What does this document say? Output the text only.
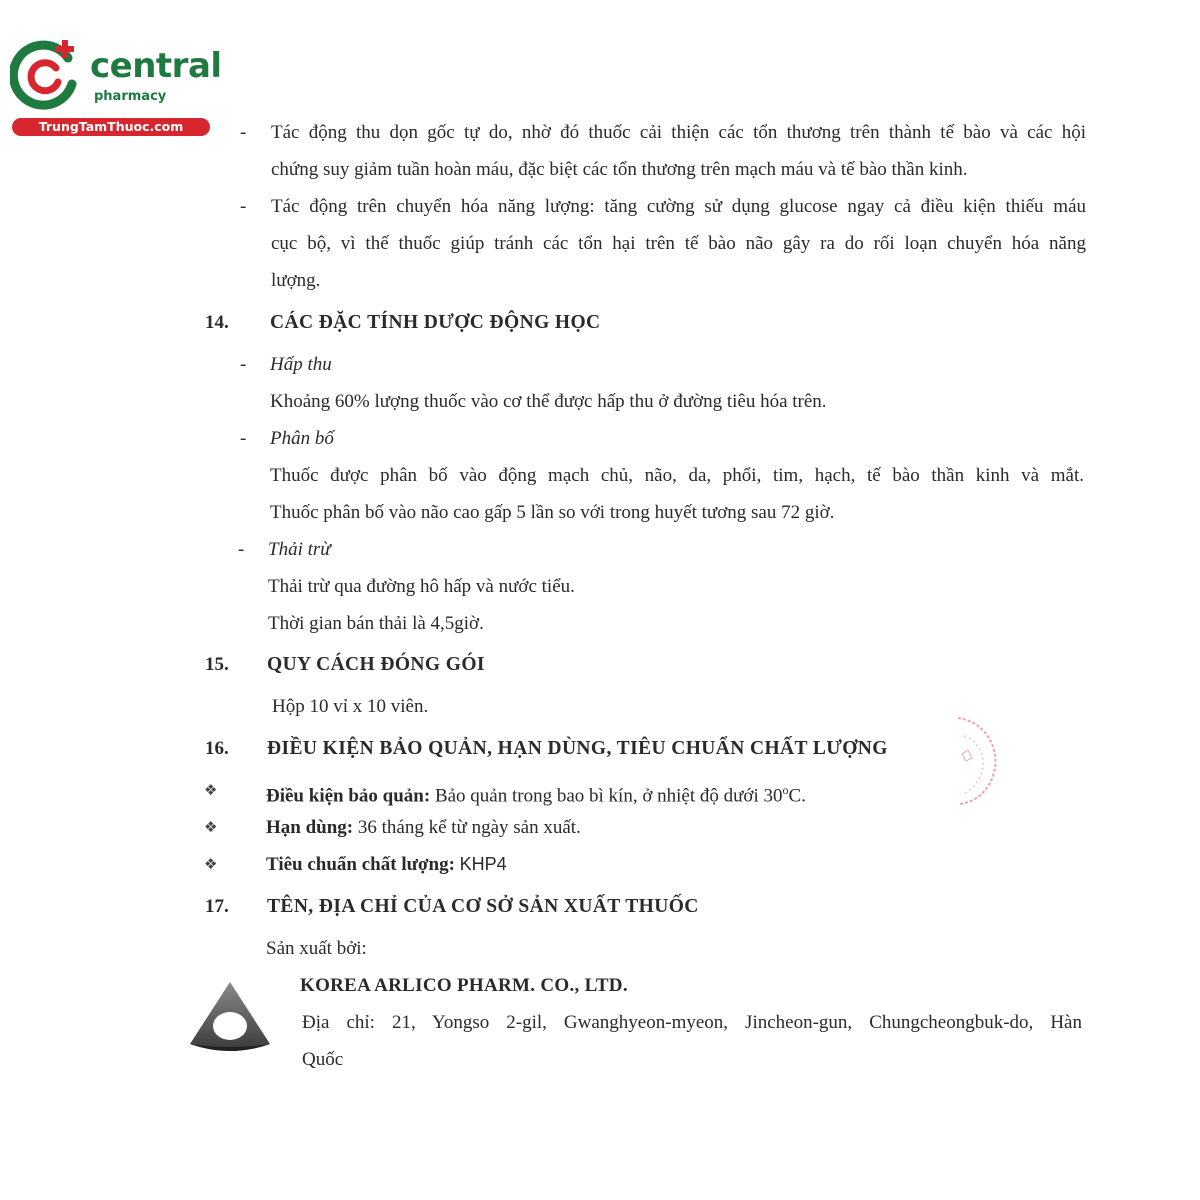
central
pharmacy
TrungTamThuoc.com	- Tác động thu dọn gốc tự do, nhờ đó thuốc cải thiện các tổn thương trên thành tế bào và các hội
chứng suy giảm tuần hoàn máu, đặc biệt các tổn thương trên mạch máu và tế bào thần kinh.
- Tác động trên chuyển hóa năng lượng: tăng cường sử dụng glucose ngay cả điều kiện thiếu máu
cục bộ, vì thế thuốc giúp tránh các tổn hại trên tế bào não gây ra do rối loạn chuyển hóa năng
lượng.
14. CÁC ĐẶC TÍNH DƯỢC ĐỘNG HỌC
- Hấp thu
Khoảng 60% lượng thuốc vào cơ thể được hấp thu ở đường tiêu hóa trên.
- Phân bố
Thuốc được phân bố vào động mạch chủ, não, da, phổi, tim, hạch, tế bào thần kinh và mắt.
Thuốc phân bố vào não cao gấp 5 lần so với trong huyết tương sau 72 giờ.
- Thải trừ
Thải trừ qua đường hô hấp và nước tiểu.
Thời gian bán thải là 4,5giờ.
15. QUY CÁCH ĐÓNG GÓI
Hộp 10 vỉ x 10 viên.
16. ĐIỀU KIỆN BẢO QUẢN, HẠN DÙNG, TIÊU CHUẨN CHẤT LƯỢNG
❖	Điều kiện bảo quản: Bảo quản trong bao bì kín, ở nhiệt độ dưới 30$^o$C.
❖	Hạn dùng: 36 tháng kể từ ngày sản xuất.
❖	Tiêu chuẩn chất lượng: KHP4
17. TÊN, ĐỊA CHỈ CỦA CƠ SỞ SẢN XUẤT THUỐC
Sản xuất bởi:
KOREA ARLICO PHARM. CO., LTD.
Địa chỉ: 21, Yongso 2-gil, Gwanghyeon-myeon, Jincheon-gun, Chungcheongbuk-do, Hàn
Quốc
